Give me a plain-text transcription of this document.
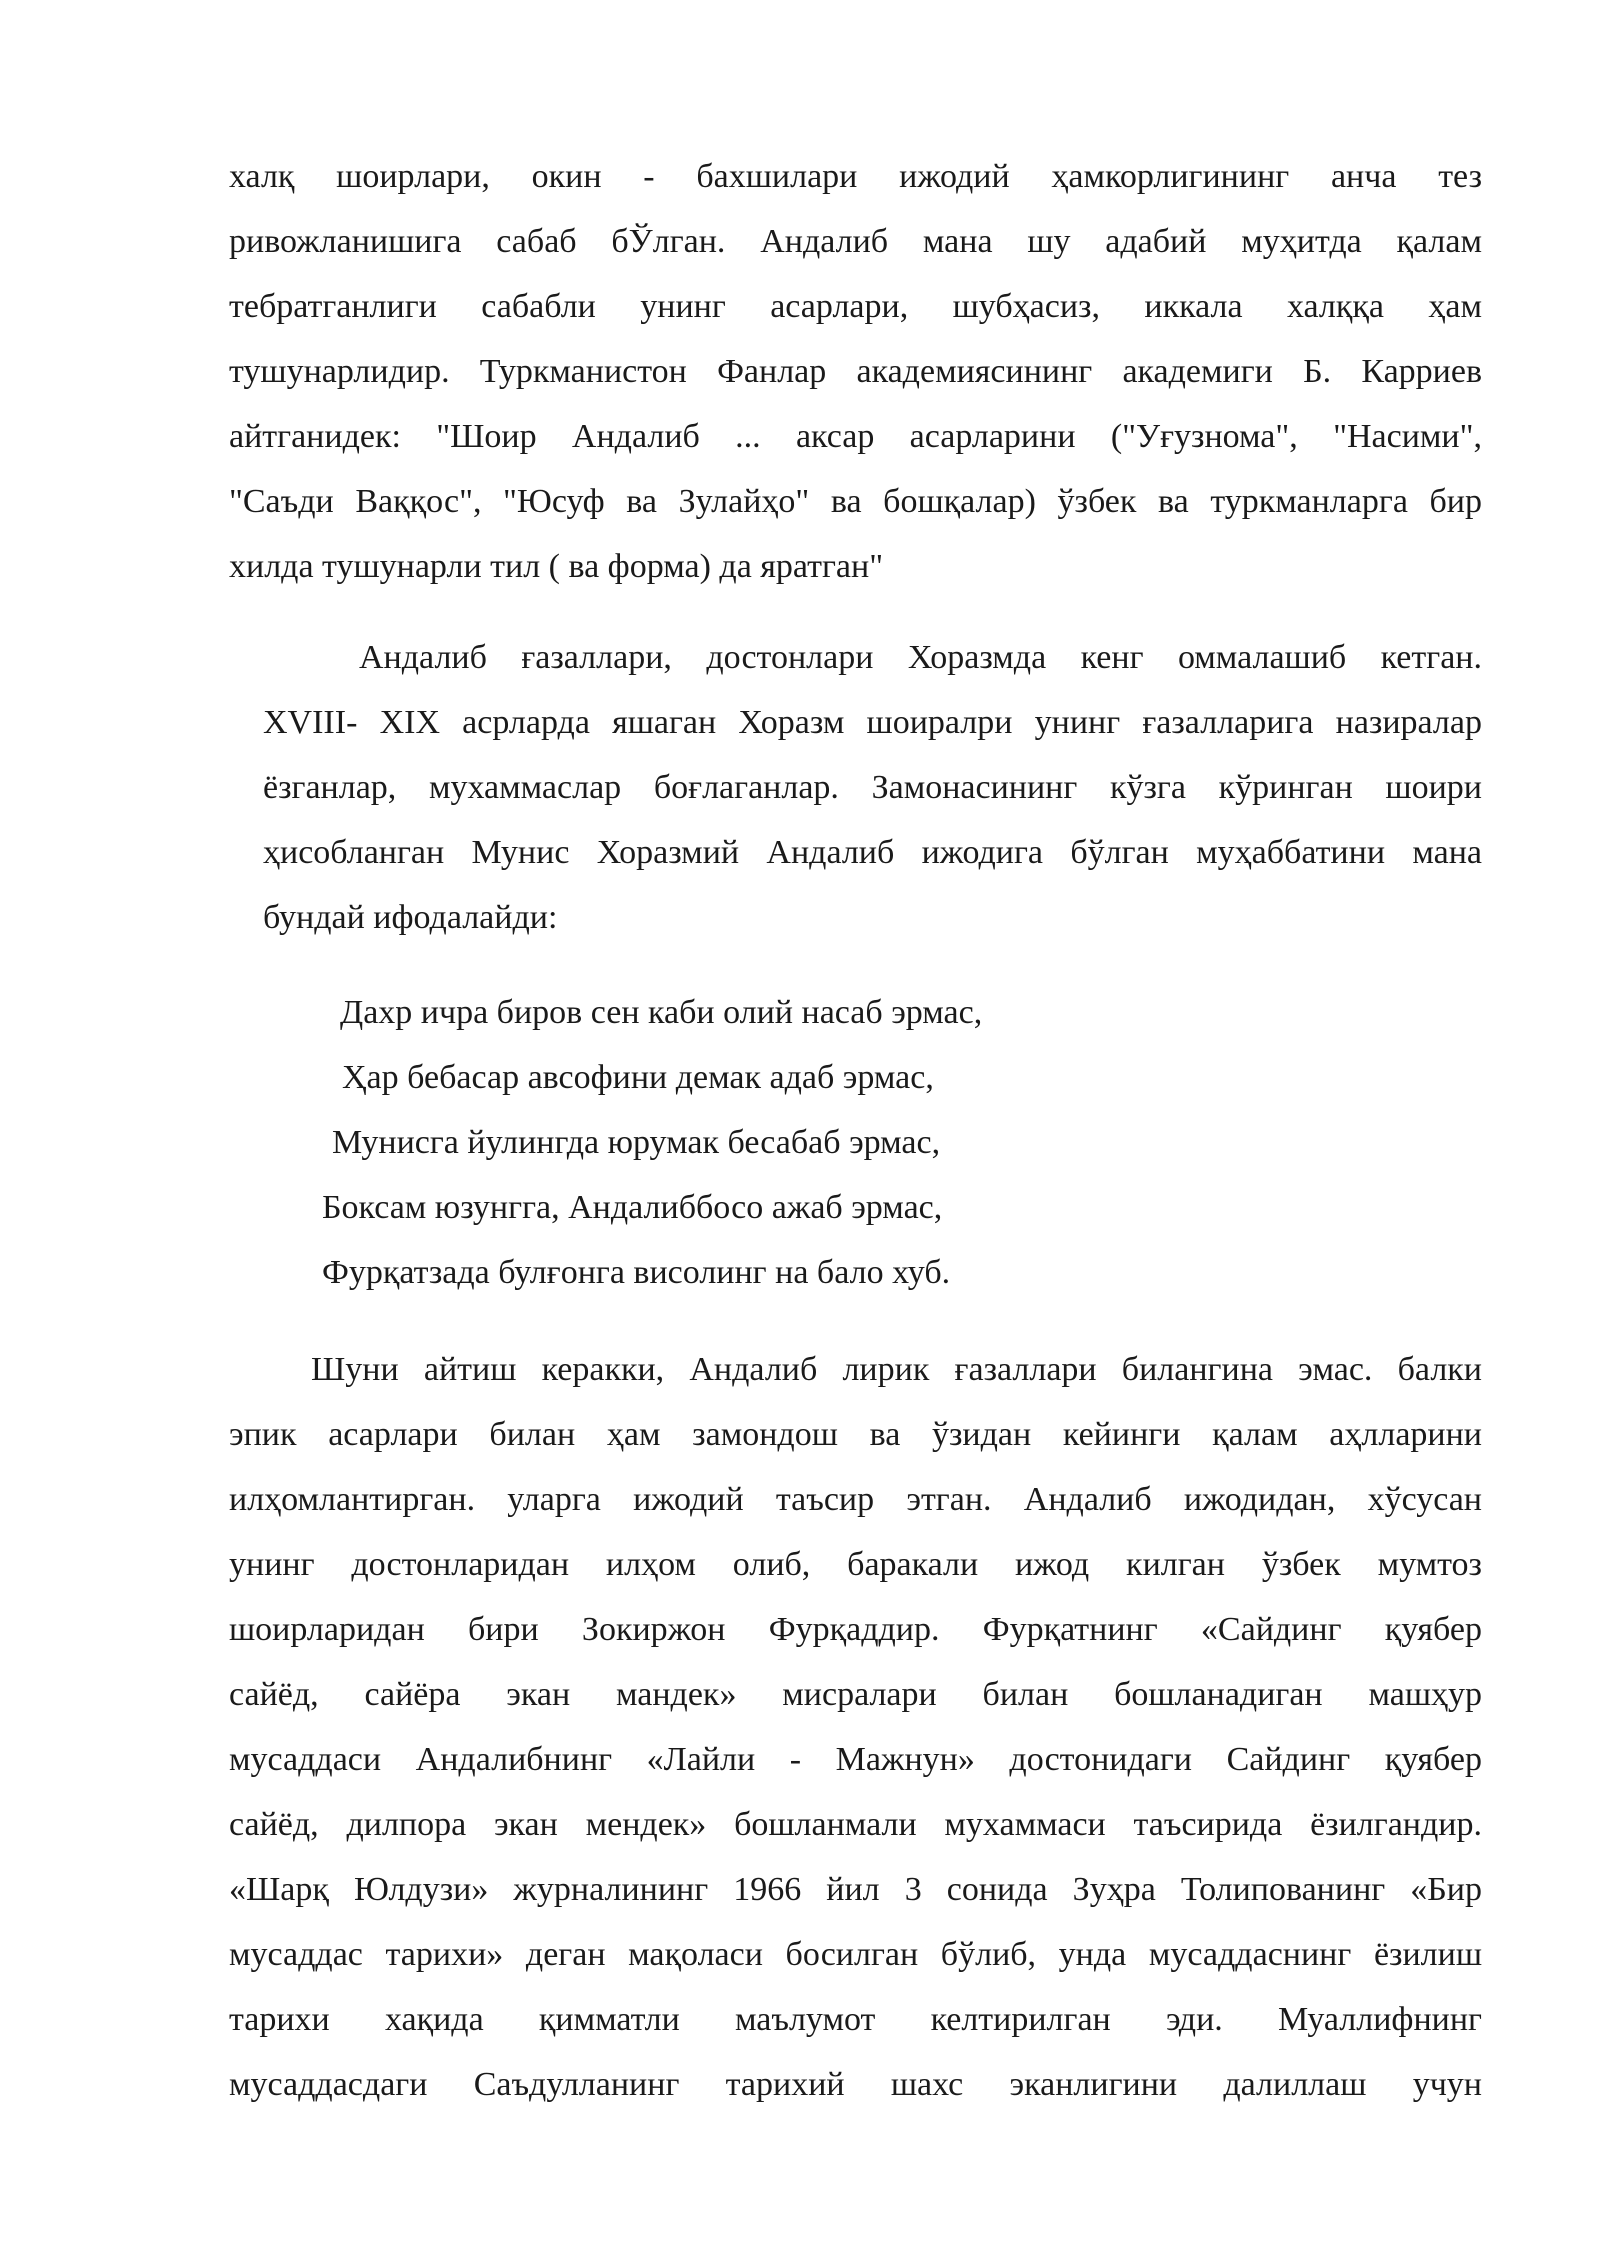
халқ шоирлари, окин - бахшилари ижодий ҳамкорлигининг анча тез
ривожланишига сабаб бЎлган. Андалиб мана шу адабий муҳитда қалам
тебратганлиги сабабли унинг асарлари, шубҳасиз, иккала халққа ҳам
тушунарлидир. Туркманистон Фанлар академиясининг академиги Б. Карриев
айтганидек: "Шоир Андалиб ... аксар асарларини ("Уғузнома", "Насими",
"Саъди Ваққос", "Юсуф ва Зулайҳо" ва бошқалар) ўзбек ва туркманларга бир
хилда тушунарли тил ( ва форма) да яратган"
Андалиб ғазаллари, достонлари Хоразмда кенг оммалашиб кетган.
XVIII- XIX асрларда яшаган Хоразм шоиралри унинг ғазалларига назиралар
ёзганлар, мухаммаслар боғлаганлар. Замонасининг кўзга кўринган шоири
ҳисобланган Мунис Хоразмий Андалиб ижодига бўлган муҳаббатини мана
бундай ифодалайди:
Дахр ичра биров сен каби олий насаб эрмас,
Ҳар бебасар авсофини демак адаб эрмас,
Мунисга йулингда юрумак бесабаб эрмас,
Боксам юзунгга, Андалиббосо ажаб эрмас,
Фурқатзада булғонга висолинг на бало хуб.
Шуни айтиш керакки, Андалиб лирик ғазаллари билангина эмас. балки
эпик асарлари билан ҳам замондош ва ўзидан кейинги қалам аҳлларини
илҳомлантирган. уларга ижодий таъсир этган. Андалиб ижодидан, хўсусан
унинг достонларидан илҳом олиб, баракали ижод килган ўзбек мумтоз
шоирларидан бири Зокиржон Фурқаддир. Фурқатнинг «Сайдинг қуябер
сайёд, сайёра экан мандек» мисралари билан бошланадиган машҳур
мусаддаси Андалибнинг «Лайли - Мажнун» достонидаги Сайдинг қуябер
сайёд, дилпора экан мендек» бошланмали мухаммаси таъсирида ёзилгандир.
«Шарқ Юлдузи» журналининг 1966 йил 3 сонида Зуҳра Толипованинг «Бир
мусаддас тарихи» деган мақоласи босилган бўлиб, унда мусаддаснинг ёзилиш
тарихи хақида қимматли маълумот келтирилган эди. Муаллифнинг
мусаддасдаги Саъдулланинг тарихий шахс эканлигини далиллаш учун
